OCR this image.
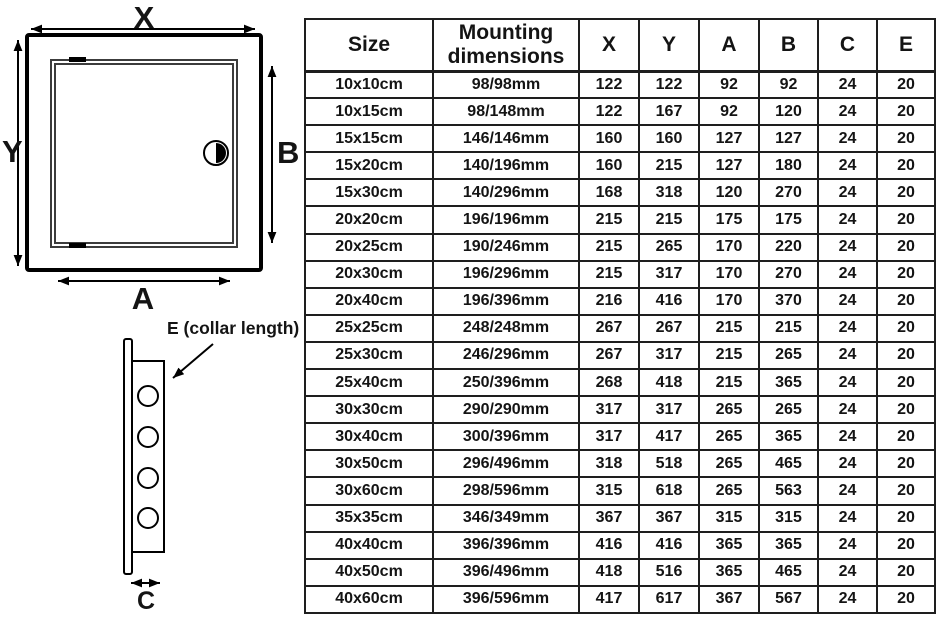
X
Y	B
A
E (collar length)
C
Size	Mounting dimensions	X	Y	A	B	C	E
10x10cm	98/98mm	122	122	92	92	24	20
10x15cm	98/148mm	122	167	92	120	24	20
15x15cm	146/146mm	160	160	127	127	24	20
15x20cm	140/196mm	160	215	127	180	24	20
15x30cm	140/296mm	168	318	120	270	24	20
20x20cm	196/196mm	215	215	175	175	24	20
20x25cm	190/246mm	215	265	170	220	24	20
20x30cm	196/296mm	215	317	170	270	24	20
20x40cm	196/396mm	216	416	170	370	24	20
25x25cm	248/248mm	267	267	215	215	24	20
25x30cm	246/296mm	267	317	215	265	24	20
25x40cm	250/396mm	268	418	215	365	24	20
30x30cm	290/290mm	317	317	265	265	24	20
30x40cm	300/396mm	317	417	265	365	24	20
30x50cm	296/496mm	318	518	265	465	24	20
30x60cm	298/596mm	315	618	265	563	24	20
35x35cm	346/349mm	367	367	315	315	24	20
40x40cm	396/396mm	416	416	365	365	24	20
40x50cm	396/496mm	418	516	365	465	24	20
40x60cm	396/596mm	417	617	367	567	24	20
